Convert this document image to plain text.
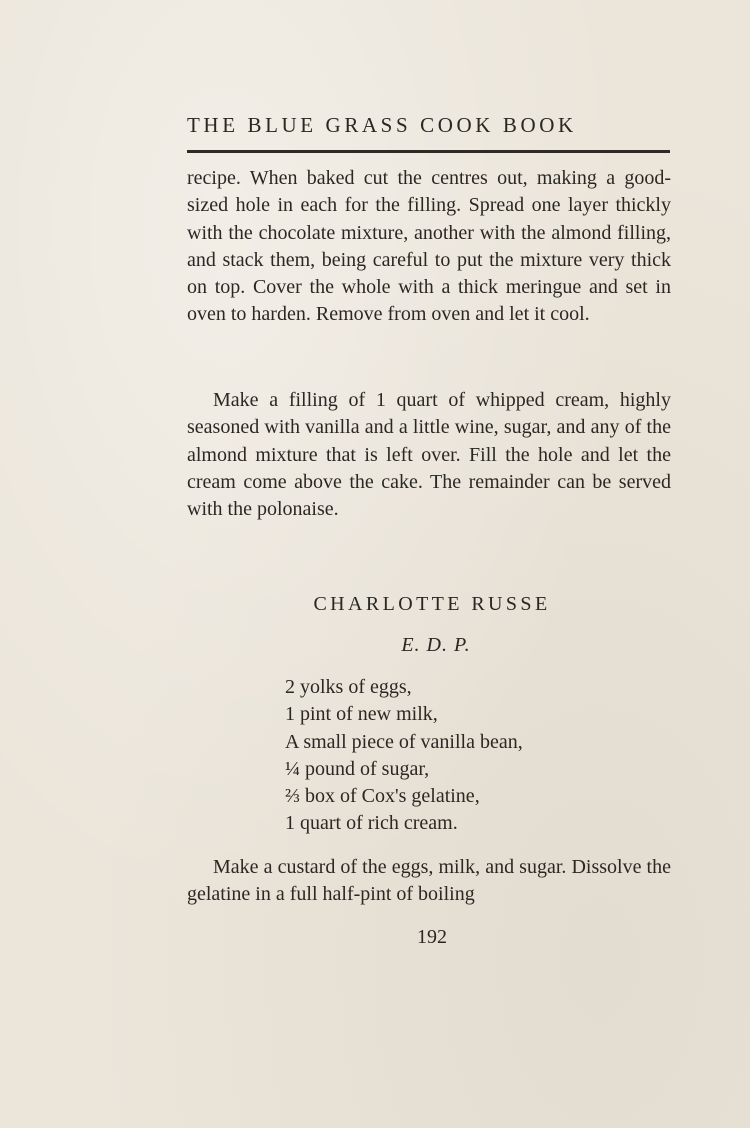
THE BLUE GRASS COOK BOOK

recipe. When baked cut the centres out, making a good-sized hole in each for the filling. Spread one layer thickly with the chocolate mixture, another with the almond filling, and stack them, being careful to put the mixture very thick on top. Cover the whole with a thick meringue and set in oven to harden. Remove from oven and let it cool.

Make a filling of 1 quart of whipped cream, highly seasoned with vanilla and a little wine, sugar, and any of the almond mixture that is left over. Fill the hole and let the cream come above the cake. The remainder can be served with the polonaise.

CHARLOTTE RUSSE
E. D. P.
2 yolks of eggs,
1 pint of new milk,
A small piece of vanilla bean,
¼ pound of sugar,
⅔ box of Cox's gelatine,
1 quart of rich cream.

Make a custard of the eggs, milk, and sugar. Dissolve the gelatine in a full half-pint of boiling

192
